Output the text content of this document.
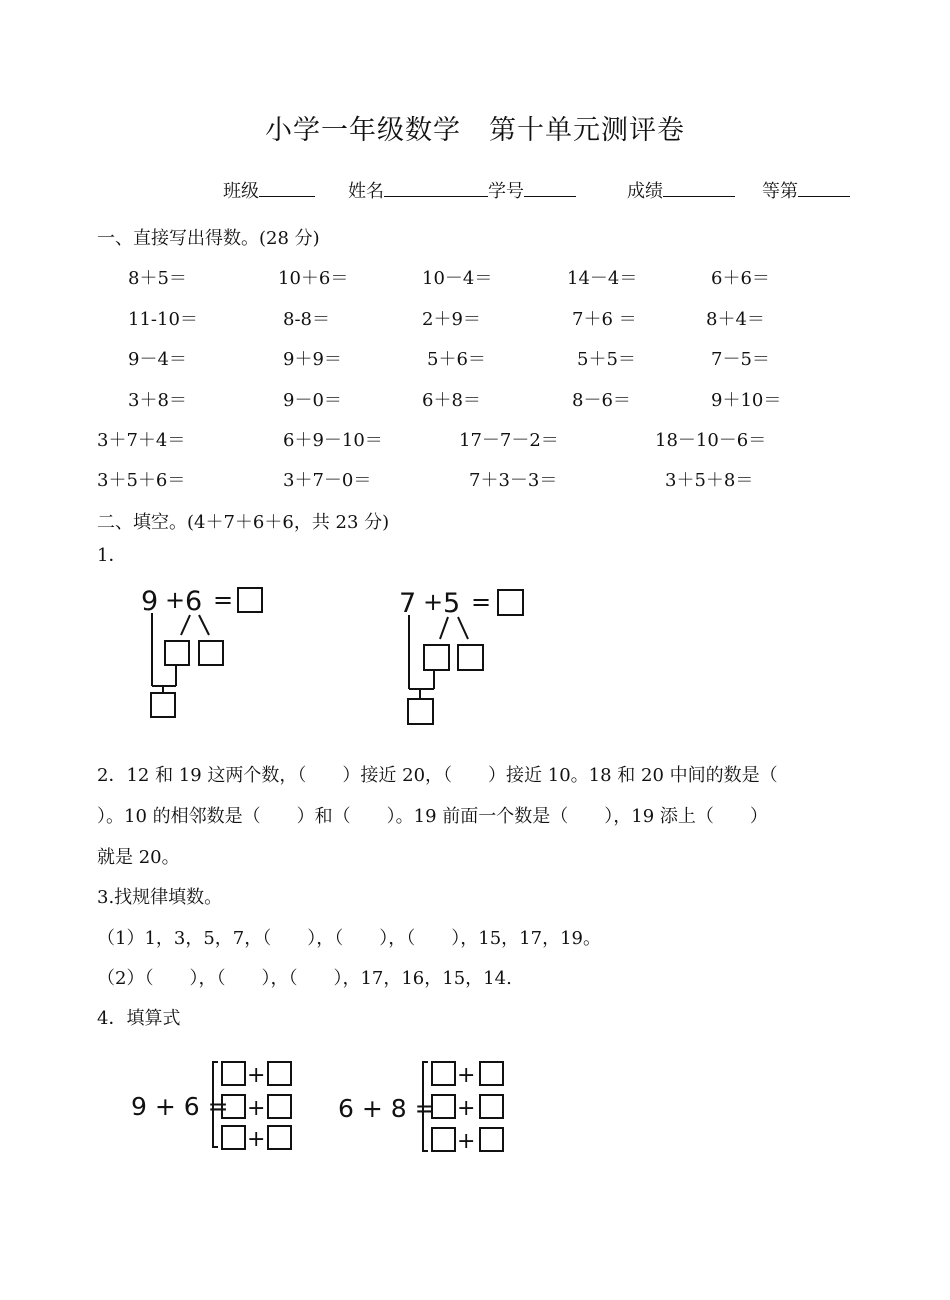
小学一年级数学　第十单元测评卷
班级	姓名	学号	成绩	等第
一、直接写出得数。(28 分)
8＋5＝	10＋6＝	10－4＝	14－4＝	6＋6＝
11-10＝	8-8＝	2＋9＝	7＋6 ＝	8＋4＝
9－4＝	9＋9＝	5＋6＝	5＋5＝	7－5＝
3＋8＝	9－0＝	6＋8＝	8－6＝	9＋10＝
3＋7＋4＝	6＋9－10＝	17－7－2＝	18－10－6＝
3＋5＋6＝	3＋7－0＝	7＋3－3＝	3＋5＋8＝
二、填空。(4＋7＋6＋6，共 23 分)
1．
9 + 6 =	7 + 5 =
2．12 和 19 这两个数，（　　）接近 20，（　　）接近 10。18 和 20 中间的数是（
）。10 的相邻数是（　　）和（　　）。19 前面一个数是（　　），19 添上（　　）
就是 20。
3.找规律填数。
（1）1，3，5，7，（　　），（　　），（　　），15，17，19。
（2）（　　），（　　），（　　），17，16，15，14.
4．填算式
9 + 6 =
+
+
+
6 + 8 =
+
+
+
